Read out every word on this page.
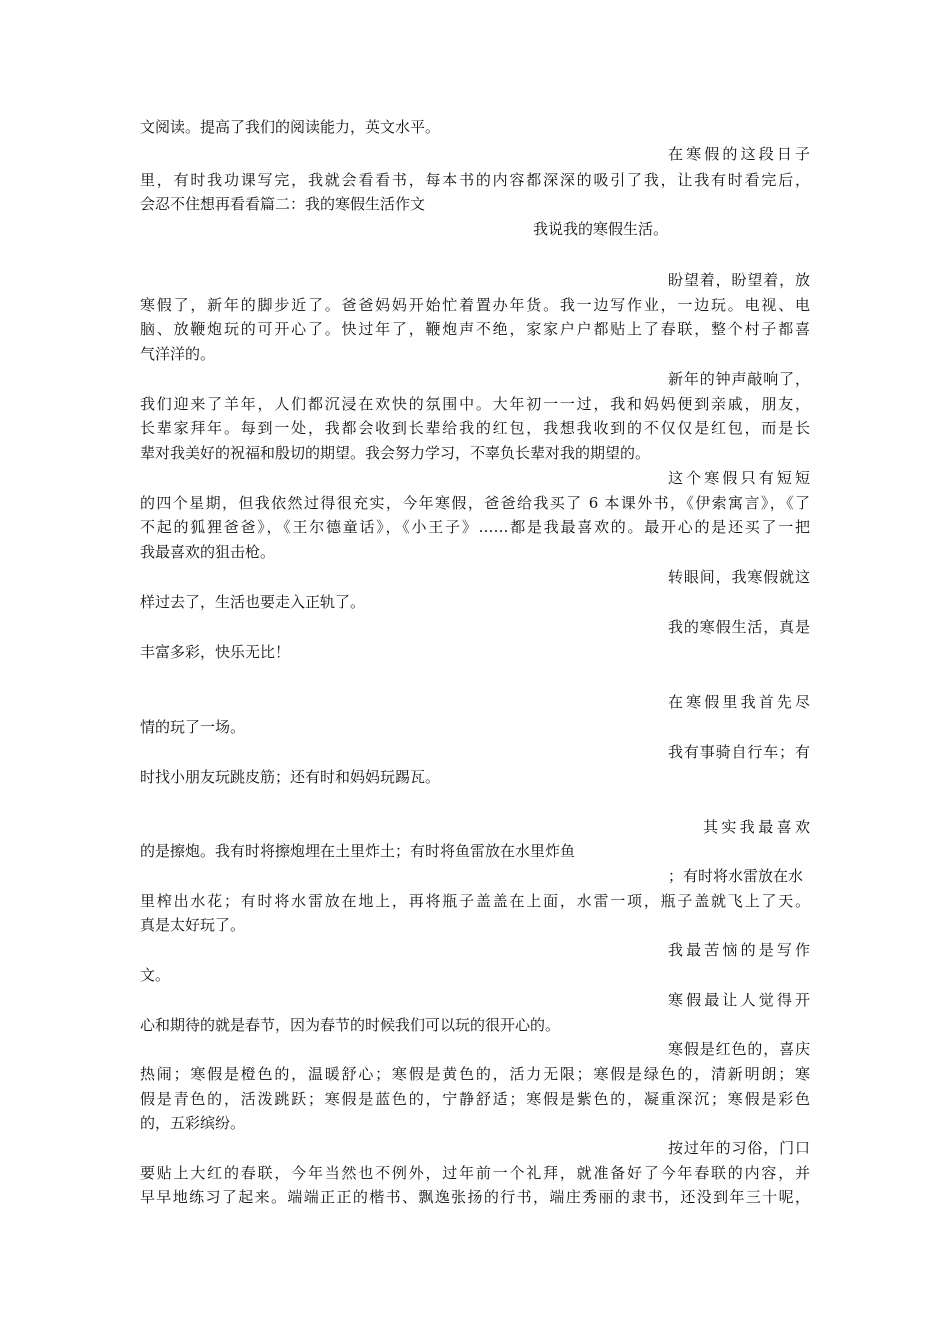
文阅读。提高了我们的阅读能力，英文水平。
在寒假的这段日子
里，有时我功课写完，我就会看看书，每本书的内容都深深的吸引了我，让我有时看完后，
会忍不住想再看看篇二：我的寒假生活作文
我说我的寒假生活。
盼望着，盼望着，放
寒假了，新年的脚步近了。爸爸妈妈开始忙着置办年货。我一边写作业，一边玩。电视、电
脑、放鞭炮玩的可开心了。快过年了，鞭炮声不绝，家家户户都贴上了春联，整个村子都喜
气洋洋的。
新年的钟声敲响了，
我们迎来了羊年，人们都沉浸在欢快的氛围中。大年初一一过，我和妈妈便到亲戚，朋友，
长辈家拜年。每到一处，我都会收到长辈给我的红包，我想我收到的不仅仅是红包，而是长
辈对我美好的祝福和殷切的期望。我会努力学习，不辜负长辈对我的期望的。
这个寒假只有短短
的四个星期，但我依然过得很充实，今年寒假，爸爸给我买了 6 本课外书，《伊索寓言》，《了
不起的狐狸爸爸》，《王尔德童话》，《小王子》……都是我最喜欢的。最开心的是还买了一把
我最喜欢的狙击枪。
转眼间，我寒假就这
样过去了，生活也要走入正轨了。
我的寒假生活，真是
丰富多彩，快乐无比！
在寒假里我首先尽
情的玩了一场。
我有事骑自行车；有
时找小朋友玩跳皮筋；还有时和妈妈玩踢瓦。
其实我最喜欢
的是擦炮。我有时将擦炮埋在土里炸土；有时将鱼雷放在水里炸鱼
；有时将水雷放在水
里榨出水花；有时将水雷放在地上，再将瓶子盖盖在上面，水雷一项，瓶子盖就飞上了天。
真是太好玩了。
我最苦恼的是写作
文。
寒假最让人觉得开
心和期待的就是春节，因为春节的时候我们可以玩的很开心的。
寒假是红色的，喜庆
热闹；寒假是橙色的，温暖舒心；寒假是黄色的，活力无限；寒假是绿色的，清新明朗；寒
假是青色的，活泼跳跃；寒假是蓝色的，宁静舒适；寒假是紫色的，凝重深沉；寒假是彩色
的，五彩缤纷。
按过年的习俗，门口
要贴上大红的春联，今年当然也不例外，过年前一个礼拜，就准备好了今年春联的内容，并
早早地练习了起来。端端正正的楷书、飘逸张扬的行书，端庄秀丽的隶书，还没到年三十呢，
